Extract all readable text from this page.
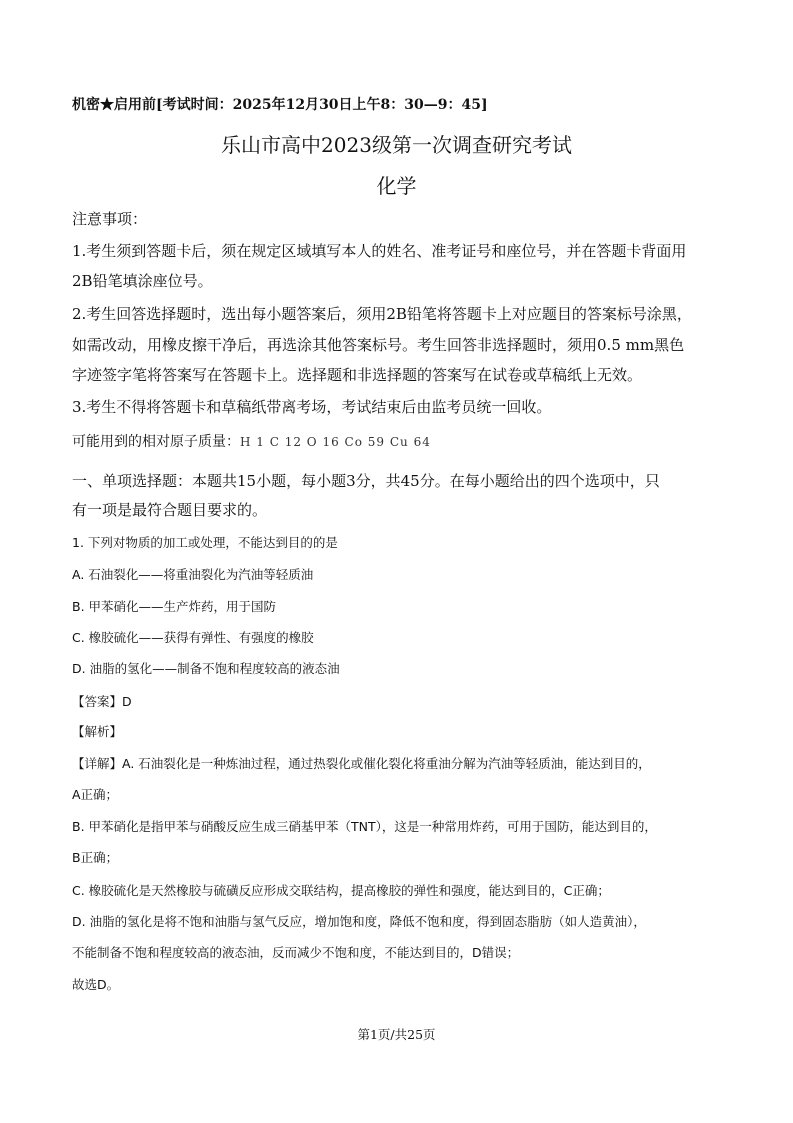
机密★启用前[考试时间：2025年12月30日上午8：30—9：45]
乐山市高中2023级第一次调查研究考试
化学
注意事项：
1.考生须到答题卡后，须在规定区域填写本人的姓名、准考证号和座位号，并在答题卡背面用
2B铅笔填涂座位号。
2.考生回答选择题时，选出每小题答案后，须用2B铅笔将答题卡上对应题目的答案标号涂黑，
如需改动，用橡皮擦干净后，再选涂其他答案标号。考生回答非选择题时，须用0.5 mm黑色
字迹签字笔将答案写在答题卡上。选择题和非选择题的答案写在试卷或草稿纸上无效。
3.考生不得将答题卡和草稿纸带离考场，考试结束后由监考员统一回收。
可能用到的相对原子质量：H 1 C 12 O 16 Co 59 Cu 64
一、单项选择题：本题共15小题，每小题3分，共45分。在每小题给出的四个选项中，只
有一项是最符合题目要求的。
1. 下列对物质的加工或处理，不能达到目的的是
A. 石油裂化——将重油裂化为汽油等轻质油
B. 甲苯硝化——生产炸药，用于国防
C. 橡胶硫化——获得有弹性、有强度的橡胶
D. 油脂的氢化——制备不饱和程度较高的液态油
【答案】D
【解析】
【详解】A. 石油裂化是一种炼油过程，通过热裂化或催化裂化将重油分解为汽油等轻质油，能达到目的，
A正确；
B. 甲苯硝化是指甲苯与硝酸反应生成三硝基甲苯（TNT），这是一种常用炸药，可用于国防，能达到目的，
B正确；
C. 橡胶硫化是天然橡胶与硫磺反应形成交联结构，提高橡胶的弹性和强度，能达到目的，C正确；
D. 油脂的氢化是将不饱和油脂与氢气反应，增加饱和度，降低不饱和度，得到固态脂肪（如人造黄油），
不能制备不饱和程度较高的液态油，反而减少不饱和度，不能达到目的，D错误；
故选D。
第1页/共25页
